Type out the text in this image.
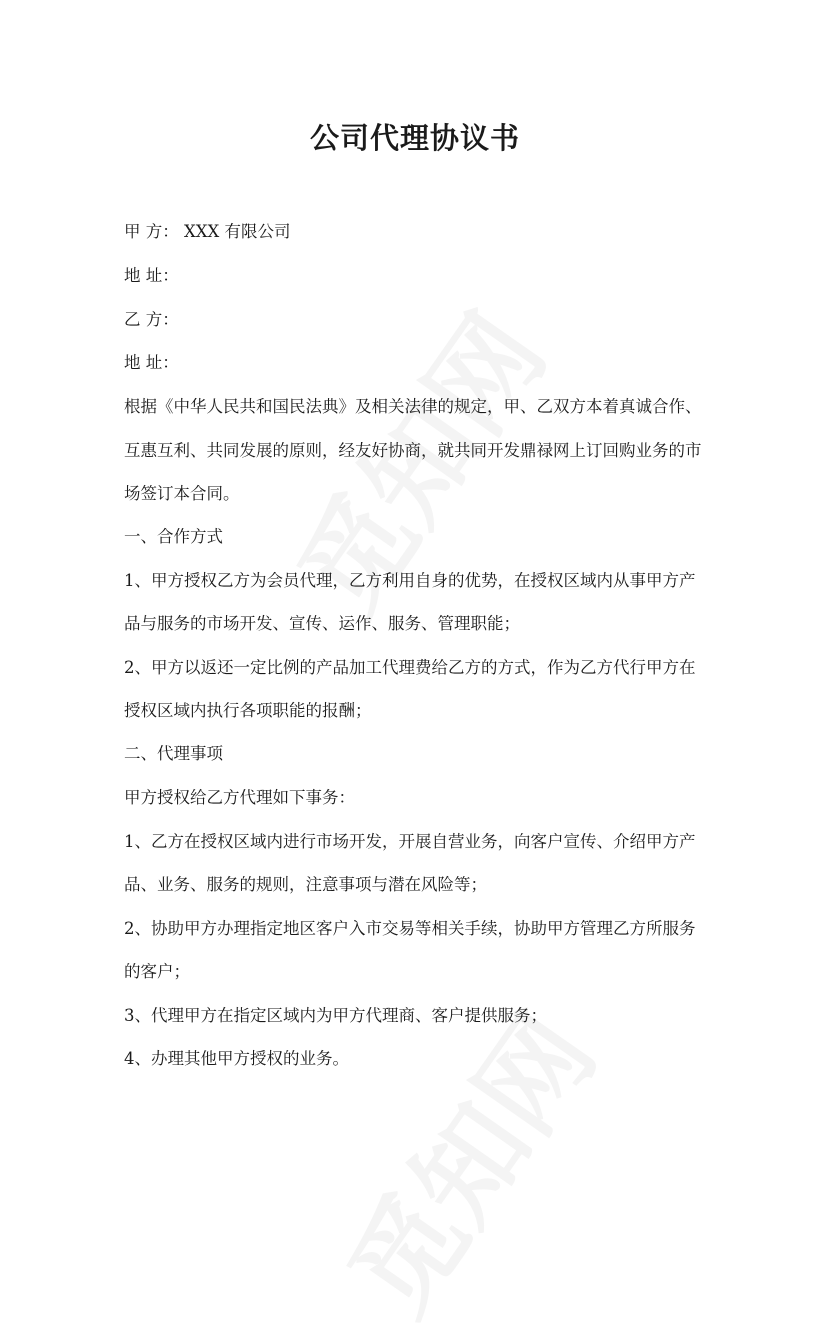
公司代理协议书
甲 方： XXX 有限公司
地 址：
乙 方：
地 址：
根据《中华人民共和国民法典》及相关法律的规定，甲、乙双方本着真诚合作、
互惠互利、共同发展的原则，经友好协商，就共同开发鼎禄网上订回购业务的市
场签订本合同。
一、合作方式
1、甲方授权乙方为会员代理，乙方利用自身的优势，在授权区域内从事甲方产
品与服务的市场开发、宣传、运作、服务、管理职能；
2、甲方以返还一定比例的产品加工代理费给乙方的方式，作为乙方代行甲方在
授权区域内执行各项职能的报酬；
二、代理事项
甲方授权给乙方代理如下事务：
1、乙方在授权区域内进行市场开发，开展自营业务，向客户宣传、介绍甲方产
品、业务、服务的规则，注意事项与潜在风险等；
2、协助甲方办理指定地区客户入市交易等相关手续，协助甲方管理乙方所服务
的客户；
3、代理甲方在指定区域内为甲方代理商、客户提供服务；
4、办理其他甲方授权的业务。
